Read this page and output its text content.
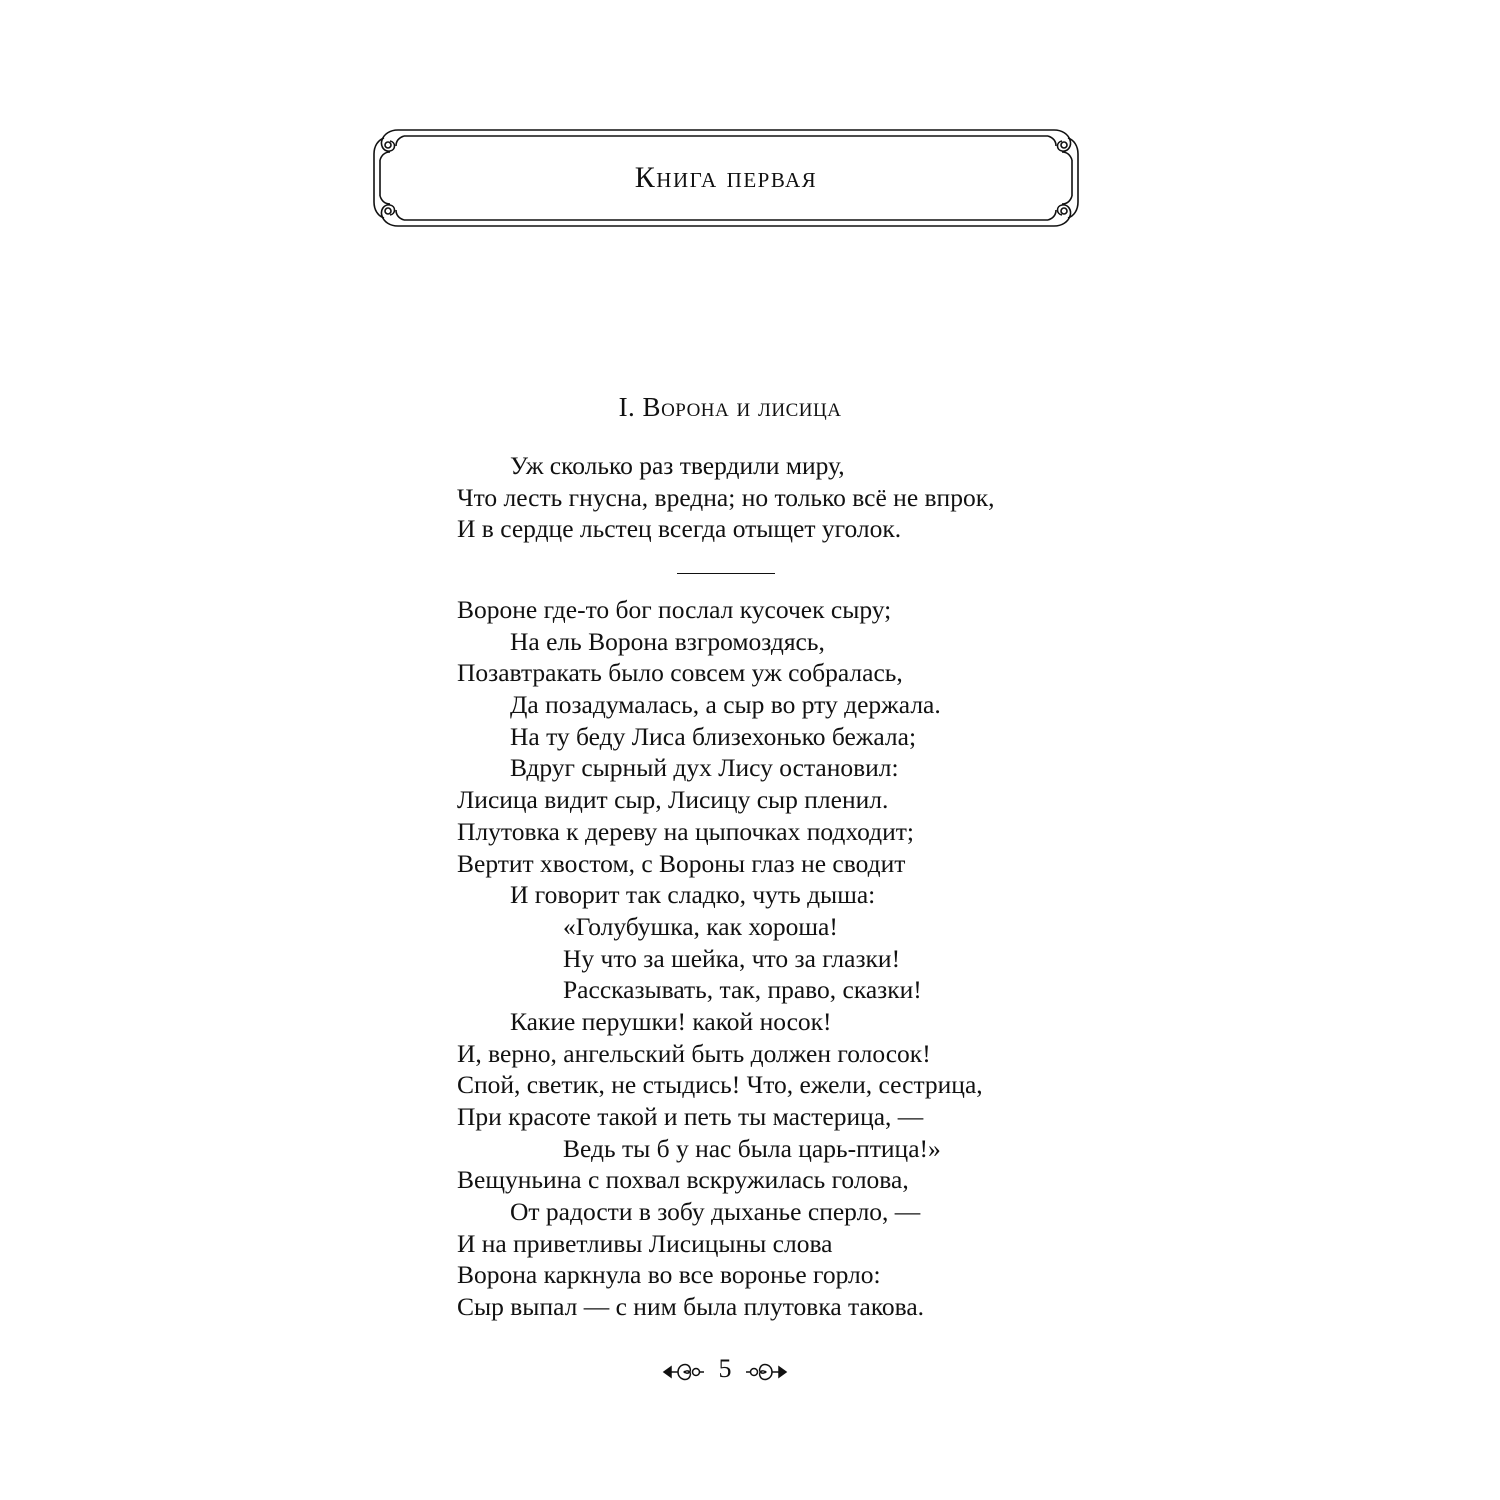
Книга первая
I. Ворона и лисица
Уж сколько раз твердили миру,
Что лесть гнусна, вредна; но только всё не впрок,
И в сердце льстец всегда отыщет уголок.
Вороне где-то бог послал кусочек сыру;
На ель Ворона взгромоздясь,
Позавтракать было совсем уж собралась,
Да позадумалась, а сыр во рту держала.
На ту беду Лиса близехонько бежала;
Вдруг сырный дух Лису остановил:
Лисица видит сыр, Лисицу сыр пленил.
Плутовка к дереву на цыпочках подходит;
Вертит хвостом, с Вороны глаз не сводит
И говорит так сладко, чуть дыша:
«Голубушка, как хороша!
Ну что за шейка, что за глазки!
Рассказывать, так, право, сказки!
Какие перушки! какой носок!
И, верно, ангельский быть должен голосок!
Спой, светик, не стыдись! Что, ежели, сестрица,
При красоте такой и петь ты мастерица, —
Ведь ты б у нас была царь-птица!»
Вещуньина с похвал вскружилась голова,
От радости в зобу дыханье сперло, —
И на приветливы Лисицыны слова
Ворона каркнула во все воронье горло:
Сыр выпал — с ним была плутовка такова.
5
